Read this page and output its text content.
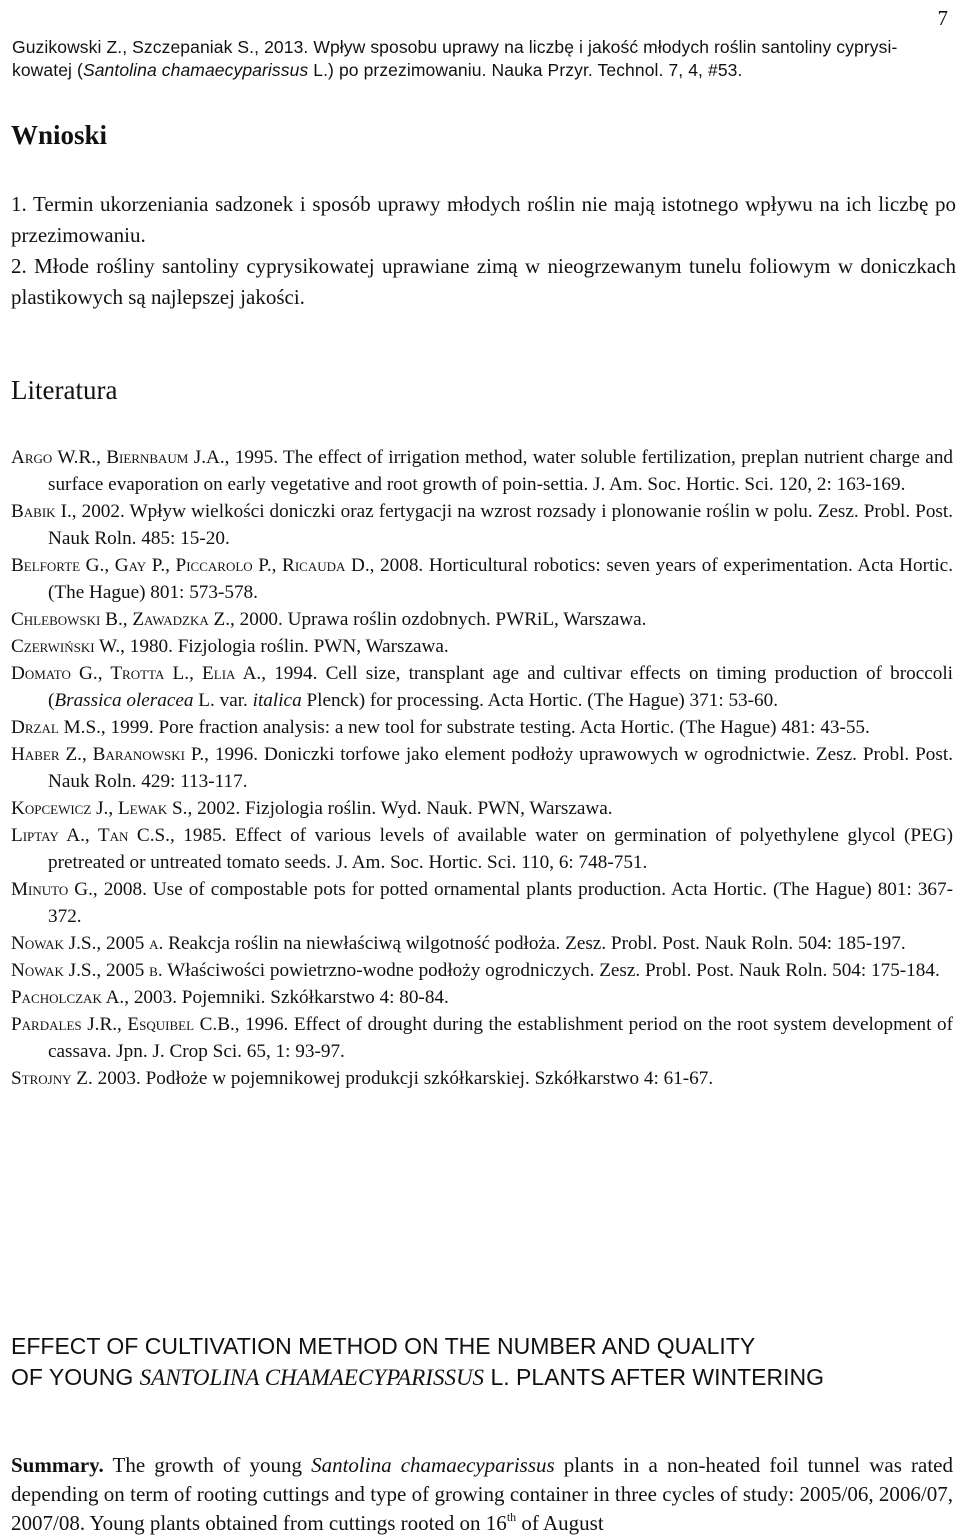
7
Guzikowski Z., Szczepaniak S., 2013. Wpływ sposobu uprawy na liczbę i jakość młodych roślin santoliny cyprysi-kowatej (Santolina chamaecyparissus L.) po przezimowaniu. Nauka Przyr. Technol. 7, 4, #53.
Wnioski
1. Termin ukorzeniania sadzonek i sposób uprawy młodych roślin nie mają istotnego wpływu na ich liczbę po przezimowaniu.
2. Młode rośliny santoliny cyprysikowatej uprawiane zimą w nieogrzewanym tunelu foliowym w doniczkach plastikowych są najlepszej jakości.
Literatura
Argo W.R., Biernbaum J.A., 1995. The effect of irrigation method, water soluble fertilization, preplan nutrient charge and surface evaporation on early vegetative and root growth of poin-settia. J. Am. Soc. Hortic. Sci. 120, 2: 163-169.
Babik I., 2002. Wpływ wielkości doniczki oraz fertygacji na wzrost rozsady i plonowanie roślin w polu. Zesz. Probl. Post. Nauk Roln. 485: 15-20.
Belforte G., Gay P., Piccarolo P., Ricauda D., 2008. Horticultural robotics: seven years of experimentation. Acta Hortic. (The Hague) 801: 573-578.
Chlebowski B., Zawadzka Z., 2000. Uprawa roślin ozdobnych. PWRiL, Warszawa.
Czerwiński W., 1980. Fizjologia roślin. PWN, Warszawa.
Domato G., Trotta L., Elia A., 1994. Cell size, transplant age and cultivar effects on timing production of broccoli (Brassica oleracea L. var. italica Plenck) for processing. Acta Hortic. (The Hague) 371: 53-60.
Drzal M.S., 1999. Pore fraction analysis: a new tool for substrate testing. Acta Hortic. (The Hague) 481: 43-55.
Haber Z., Baranowski P., 1996. Doniczki torfowe jako element podłoży uprawowych w ogrodnictwie. Zesz. Probl. Post. Nauk Roln. 429: 113-117.
Kopcewicz J., Lewak S., 2002. Fizjologia roślin. Wyd. Nauk. PWN, Warszawa.
Liptay A., Tan C.S., 1985. Effect of various levels of available water on germination of polyethylene glycol (PEG) pretreated or untreated tomato seeds. J. Am. Soc. Hortic. Sci. 110, 6: 748-751.
Minuto G., 2008. Use of compostable pots for potted ornamental plants production. Acta Hortic. (The Hague) 801: 367-372.
Nowak J.S., 2005 a. Reakcja roślin na niewłaściwą wilgotność podłoża. Zesz. Probl. Post. Nauk Roln. 504: 185-197.
Nowak J.S., 2005 b. Właściwości powietrzno-wodne podłoży ogrodniczych. Zesz. Probl. Post. Nauk Roln. 504: 175-184.
Pacholczak A., 2003. Pojemniki. Szkółkarstwo 4: 80-84.
Pardales J.R., Esquibel C.B., 1996. Effect of drought during the establishment period on the root system development of cassava. Jpn. J. Crop Sci. 65, 1: 93-97.
Strojny Z. 2003. Podłoże w pojemnikowej produkcji szkółkarskiej. Szkółkarstwo 4: 61-67.
EFFECT OF CULTIVATION METHOD ON THE NUMBER AND QUALITY
OF YOUNG SANTOLINA CHAMAECYPARISSUS L. PLANTS AFTER WINTERING
Summary. The growth of young Santolina chamaecyparissus plants in a non-heated foil tunnel was rated depending on term of rooting cuttings and type of growing container in three cycles of study: 2005/06, 2006/07, 2007/08. Young plants obtained from cuttings rooted on 16th of August
